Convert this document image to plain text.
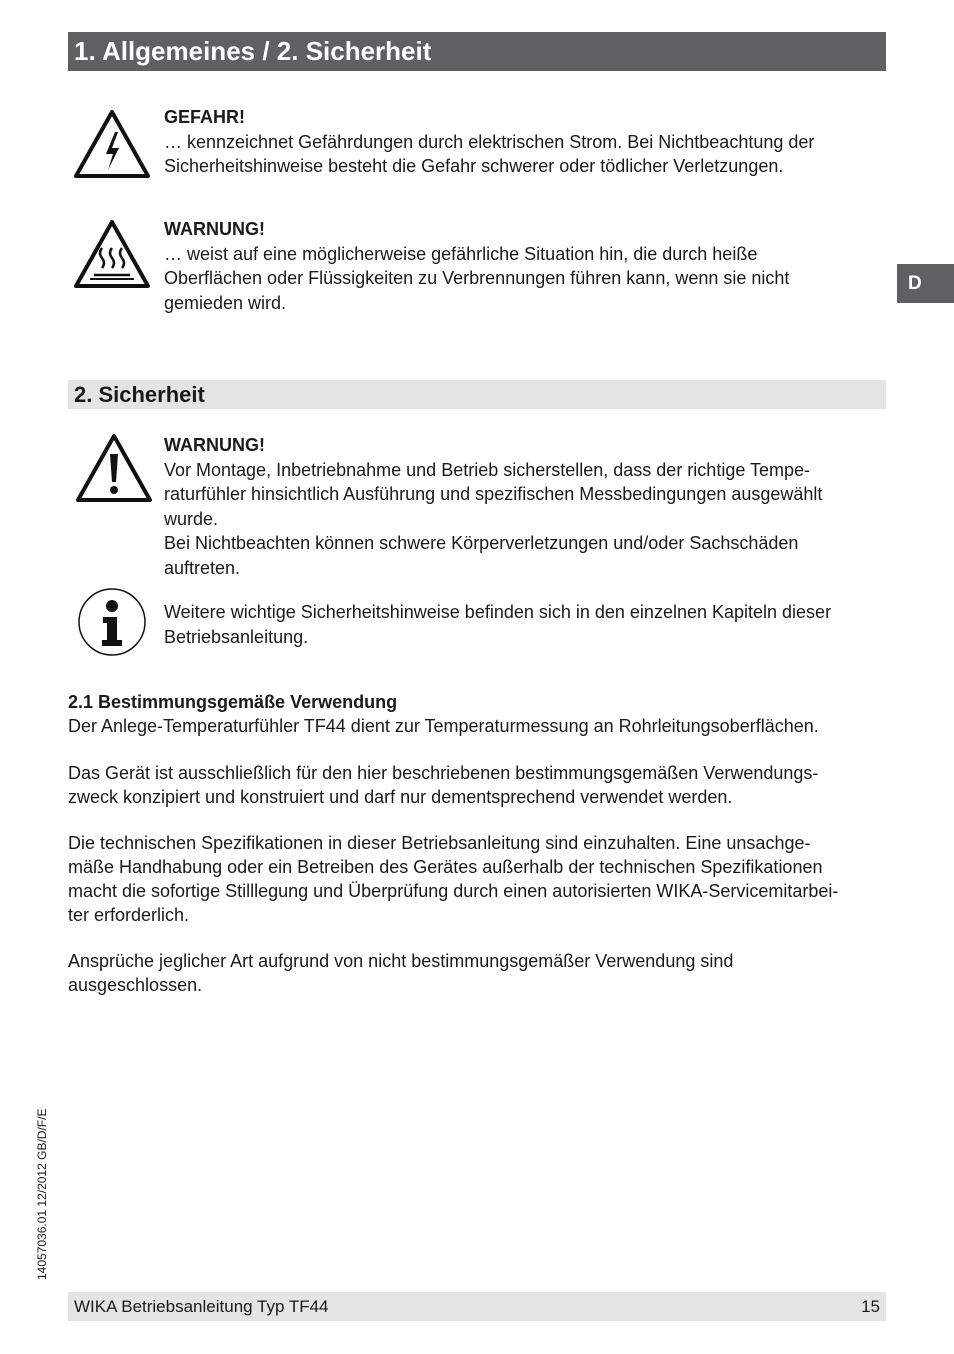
1. Allgemeines / 2. Sicherheit
D
GEFAHR!
… kennzeichnet Gefährdungen durch elektrischen Strom. Bei Nichtbeachtung der
Sicherheitshinweise besteht die Gefahr schwerer oder tödlicher Verletzungen.
WARNUNG!
… weist auf eine möglicherweise gefährliche Situation hin, die durch heiße
Oberflächen oder Flüssigkeiten zu Verbrennungen führen kann, wenn sie nicht
gemieden wird.
2. Sicherheit
WARNUNG!
Vor Montage, Inbetriebnahme und Betrieb sicherstellen, dass der richtige Tempe-
raturfühler hinsichtlich Ausführung und spezifischen Messbedingungen ausgewählt
wurde.
Bei Nichtbeachten können schwere Körperverletzungen und/oder Sachschäden
auftreten.
Weitere wichtige Sicherheitshinweise befinden sich in den einzelnen Kapiteln dieser
Betriebsanleitung.
2.1 Bestimmungsgemäße Verwendung
Der Anlege-Temperaturfühler TF44 dient zur Temperaturmessung an Rohrleitungsoberflächen.
Das Gerät ist ausschließlich für den hier beschriebenen bestimmungsgemäßen Verwendungs-
zweck konzipiert und konstruiert und darf nur dementsprechend verwendet werden.
Die technischen Spezifikationen in dieser Betriebsanleitung sind einzuhalten. Eine unsachge-
mäße Handhabung oder ein Betreiben des Gerätes außerhalb der technischen Spezifikationen
macht die sofortige Stilllegung und Überprüfung durch einen autorisierten WIKA-Servicemitarbei-
ter erforderlich.
Ansprüche jeglicher Art aufgrund von nicht bestimmungsgemäßer Verwendung sind
ausgeschlossen.
14057036.01 12/2012 GB/D/F/E
WIKA Betriebsanleitung Typ TF44	15
